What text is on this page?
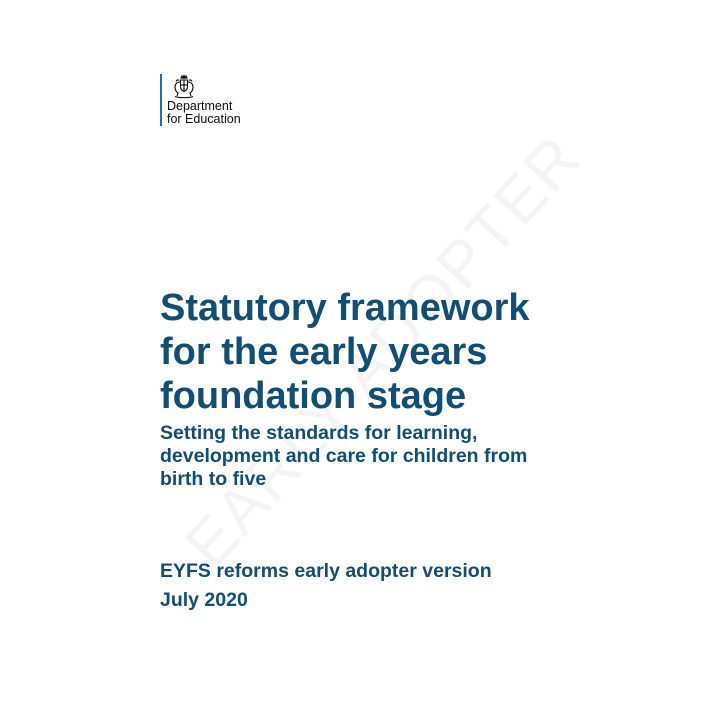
Department
for Education
Statutory framework
for the early years
foundation stage
Setting the standards for learning,
development and care for children from
birth to five

EYFS reforms early adopter version

July 2020
